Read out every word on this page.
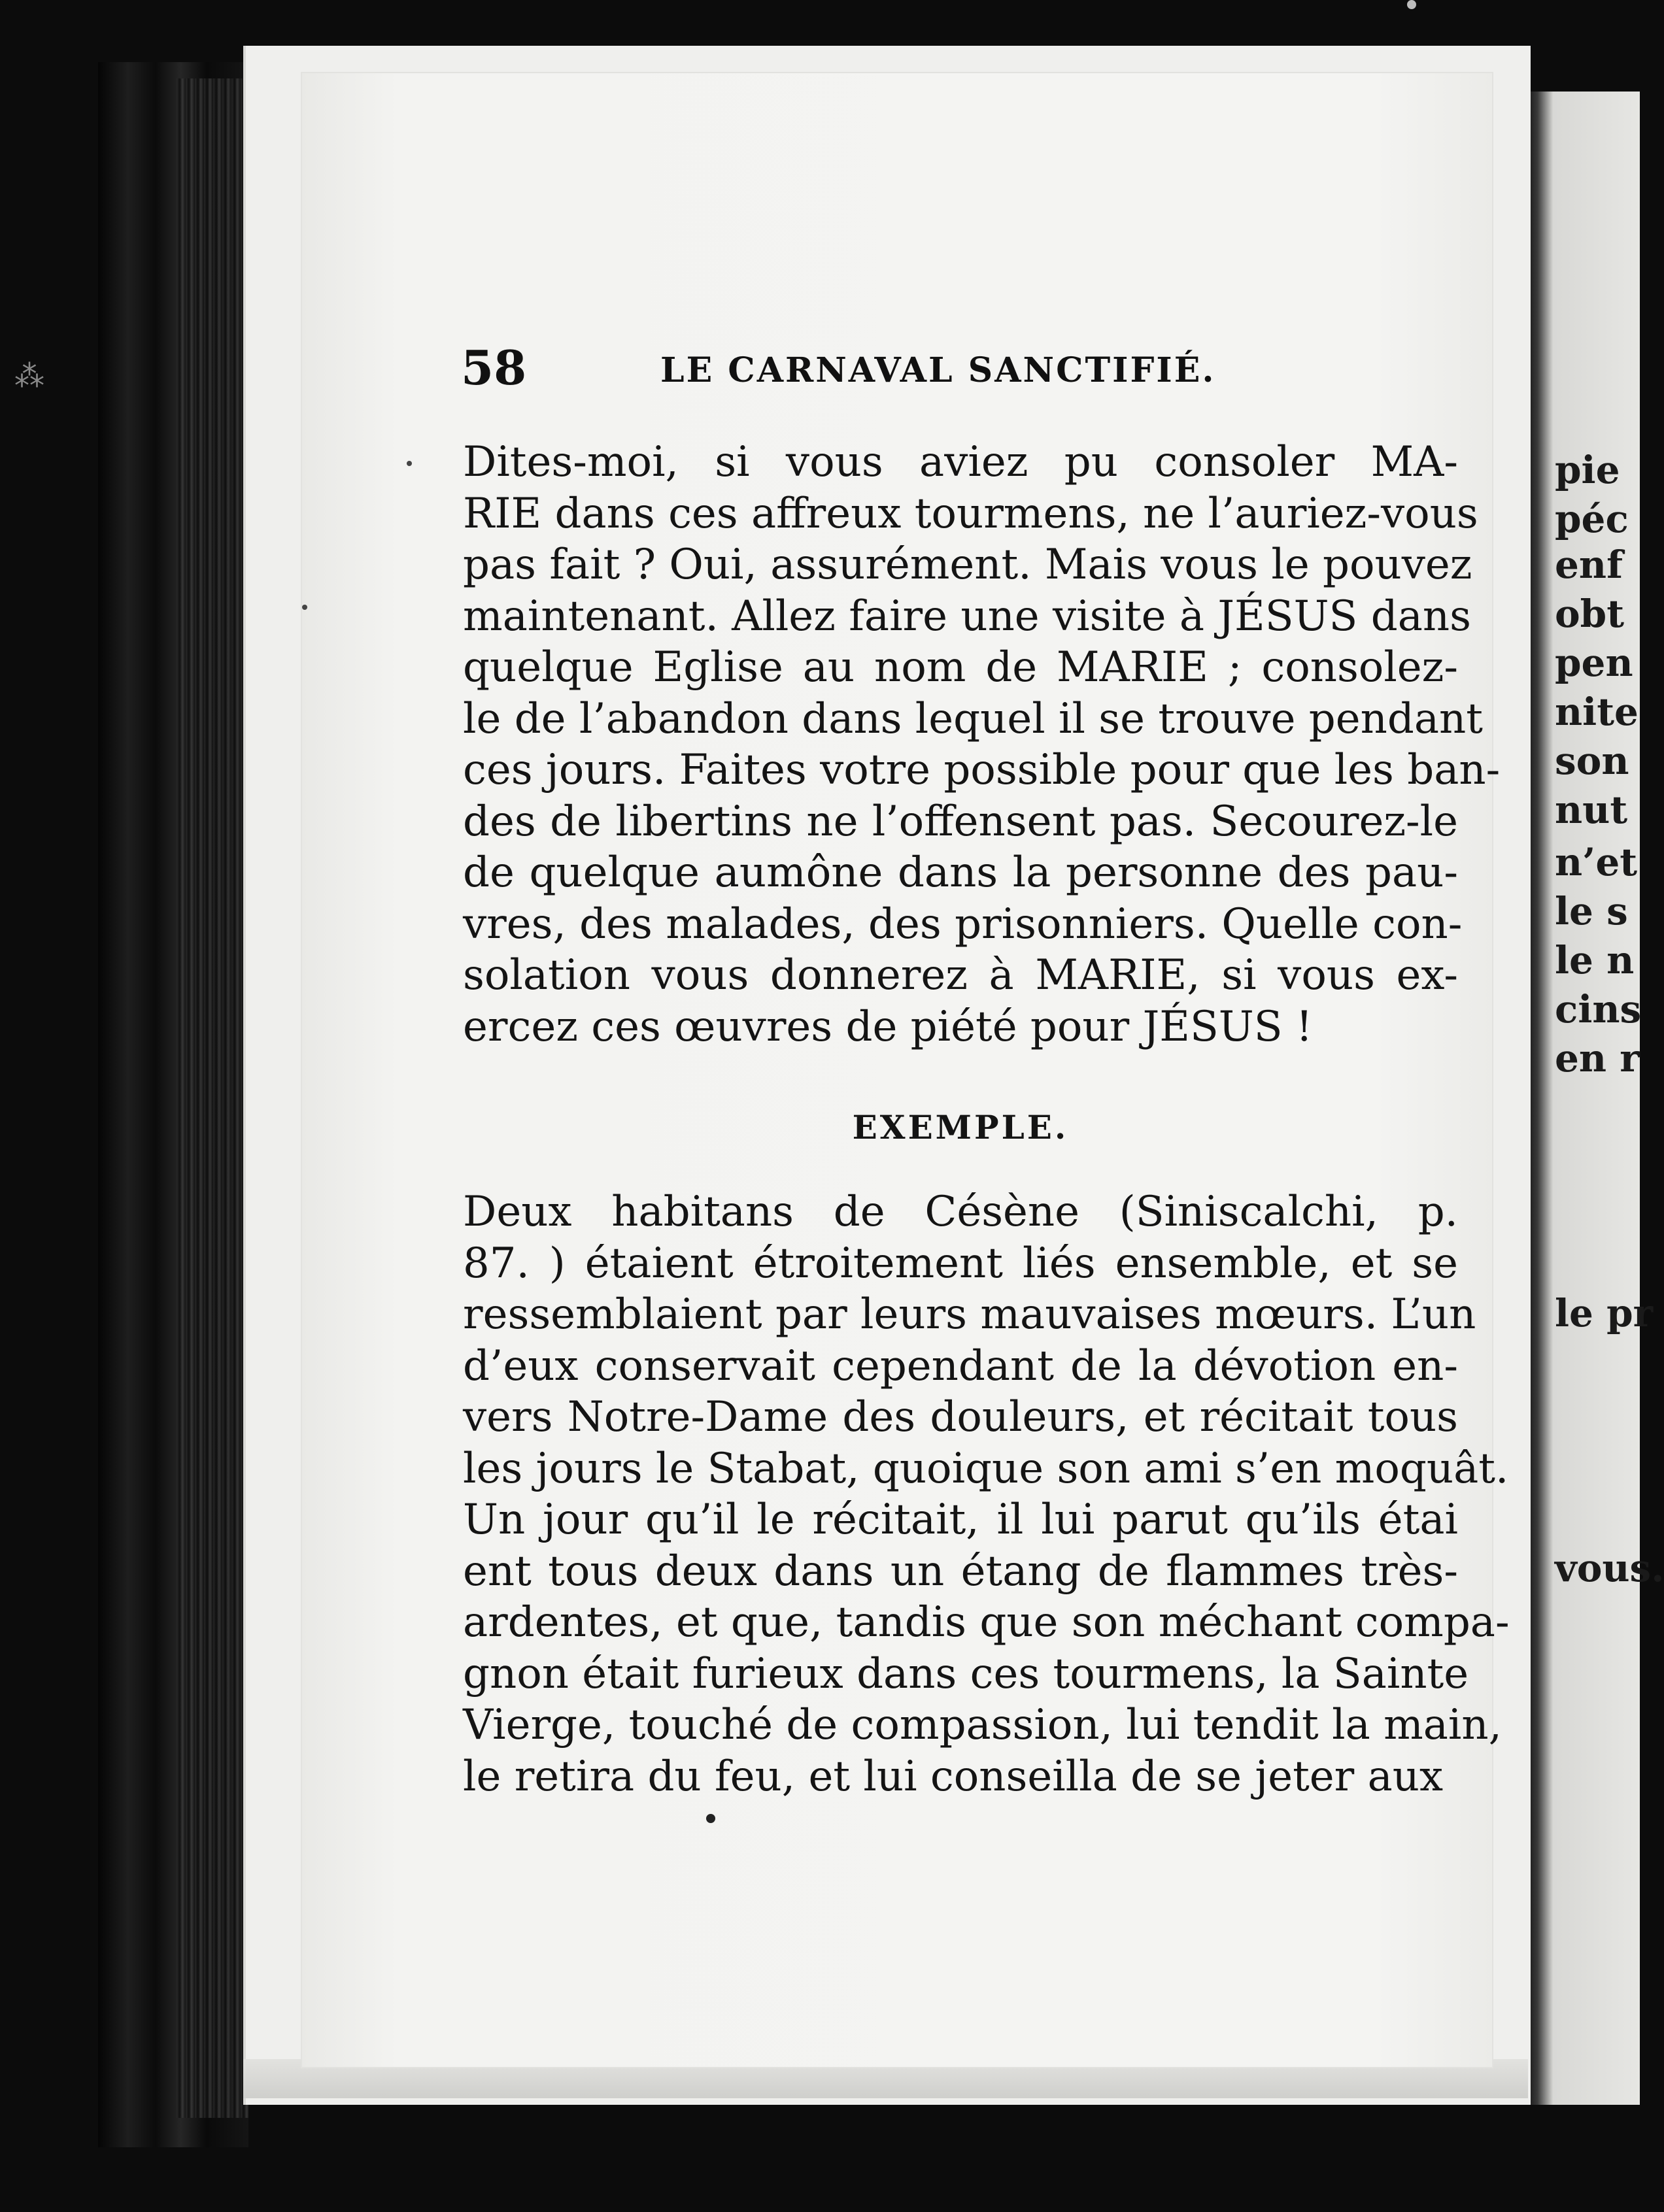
⁂
pie
péc
enf
obt
pen
nite
son
nut
n’et
le s
le n
cins
en r
le pr
vous.
58	LE CARNAVAL SANCTIFIÉ.
Dites-moi, si vous aviez pu consoler MA-
RIE dans ces affreux tourmens, ne l’auriez-vous
pas fait ? Oui, assurément. Mais vous le pouvez
maintenant. Allez faire une visite à JÉSUS dans
quelque Eglise au nom de MARIE ; consolez-
le de l’abandon dans lequel il se trouve pendant
ces jours. Faites votre possible pour que les ban-
des de libertins ne l’offensent pas. Secourez-le
de quelque aumône dans la personne des pau-
vres, des malades, des prisonniers. Quelle con-
solation vous donnerez à MARIE, si vous ex-
ercez ces œuvres de piété pour JÉSUS !
EXEMPLE.
Deux habitans de Césène (Siniscalchi, p.
87. ) étaient étroitement liés ensemble, et se
ressemblaient par leurs mauvaises mœurs. L’un
d’eux conservait cependant de la dévotion en-
vers Notre-Dame des douleurs, et récitait tous
les jours le Stabat, quoique son ami s’en moquât.
Un jour qu’il le récitait, il lui parut qu’ils étai
ent tous deux dans un étang de flammes très-
ardentes, et que, tandis que son méchant compa-
gnon était furieux dans ces tourmens, la Sainte
Vierge, touché de compassion, lui tendit la main,
le retira du feu, et lui conseilla de se jeter aux
